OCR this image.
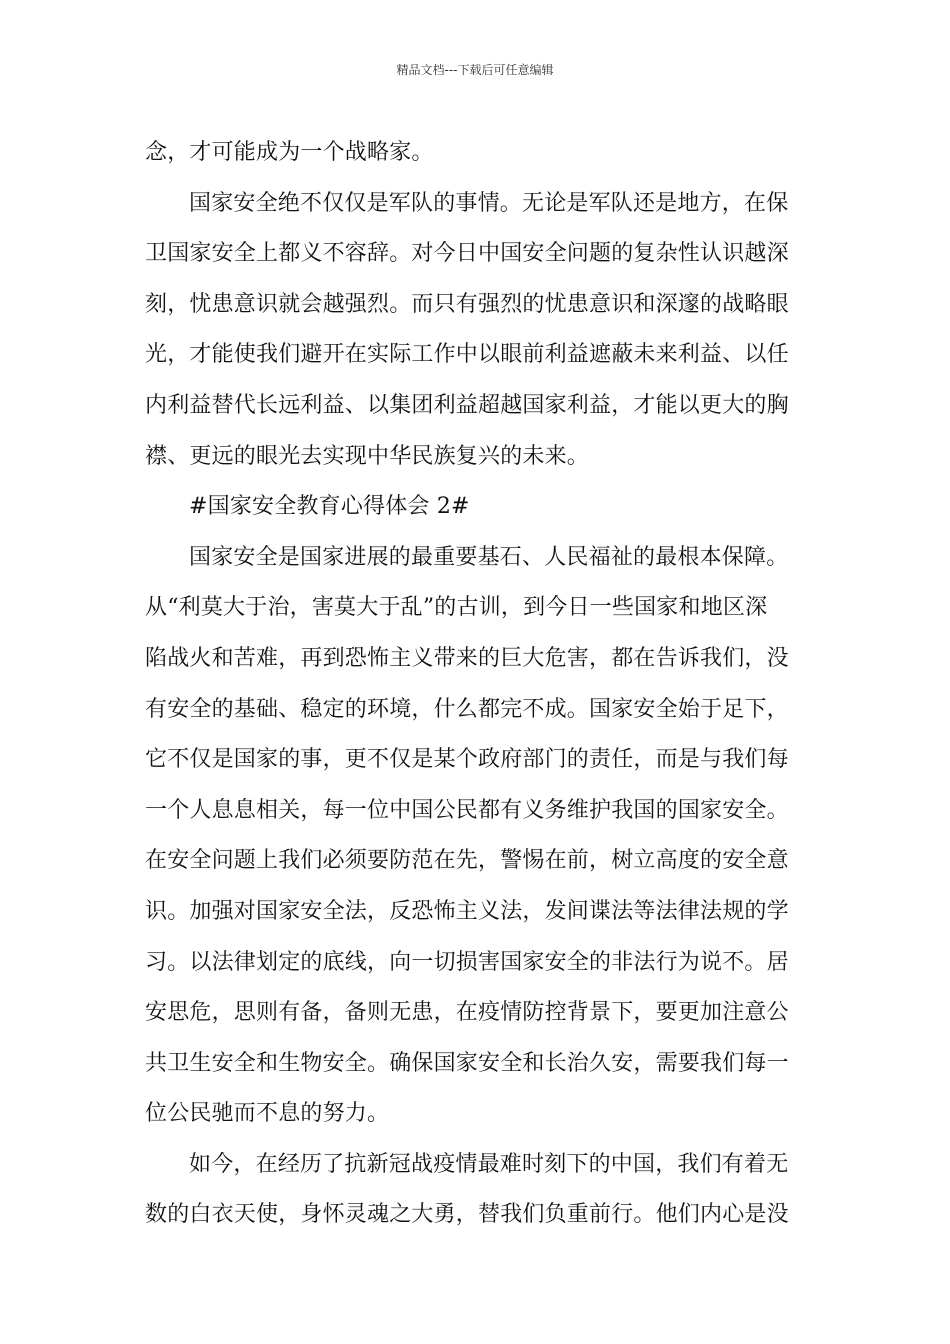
精品文档---下载后可任意编辑
念，才可能成为一个战略家。
国家安全绝不仅仅是军队的事情。无论是军队还是地方，在保
卫国家安全上都义不容辞。对今日中国安全问题的复杂性认识越深
刻，忧患意识就会越强烈。而只有强烈的忧患意识和深邃的战略眼
光，才能使我们避开在实际工作中以眼前利益遮蔽未来利益、以任
内利益替代长远利益、以集团利益超越国家利益，才能以更大的胸
襟、更远的眼光去实现中华民族复兴的未来。
#国家安全教育心得体会 2#
国家安全是国家进展的最重要基石、人民福祉的最根本保障。
从“利莫大于治，害莫大于乱”的古训，到今日一些国家和地区深
陷战火和苦难，再到恐怖主义带来的巨大危害，都在告诉我们，没
有安全的基础、稳定的环境，什么都完不成。国家安全始于足下，
它不仅是国家的事，更不仅是某个政府部门的责任，而是与我们每
一个人息息相关，每一位中国公民都有义务维护我国的国家安全。
在安全问题上我们必须要防范在先，警惕在前，树立高度的安全意
识。加强对国家安全法，反恐怖主义法，发间谍法等法律法规的学
习。以法律划定的底线，向一切损害国家安全的非法行为说不。居
安思危，思则有备，备则无患，在疫情防控背景下，要更加注意公
共卫生安全和生物安全。确保国家安全和长治久安，需要我们每一
位公民驰而不息的努力。
如今，在经历了抗新冠战疫情最难时刻下的中国，我们有着无
数的白衣天使，身怀灵魂之大勇，替我们负重前行。他们内心是没
